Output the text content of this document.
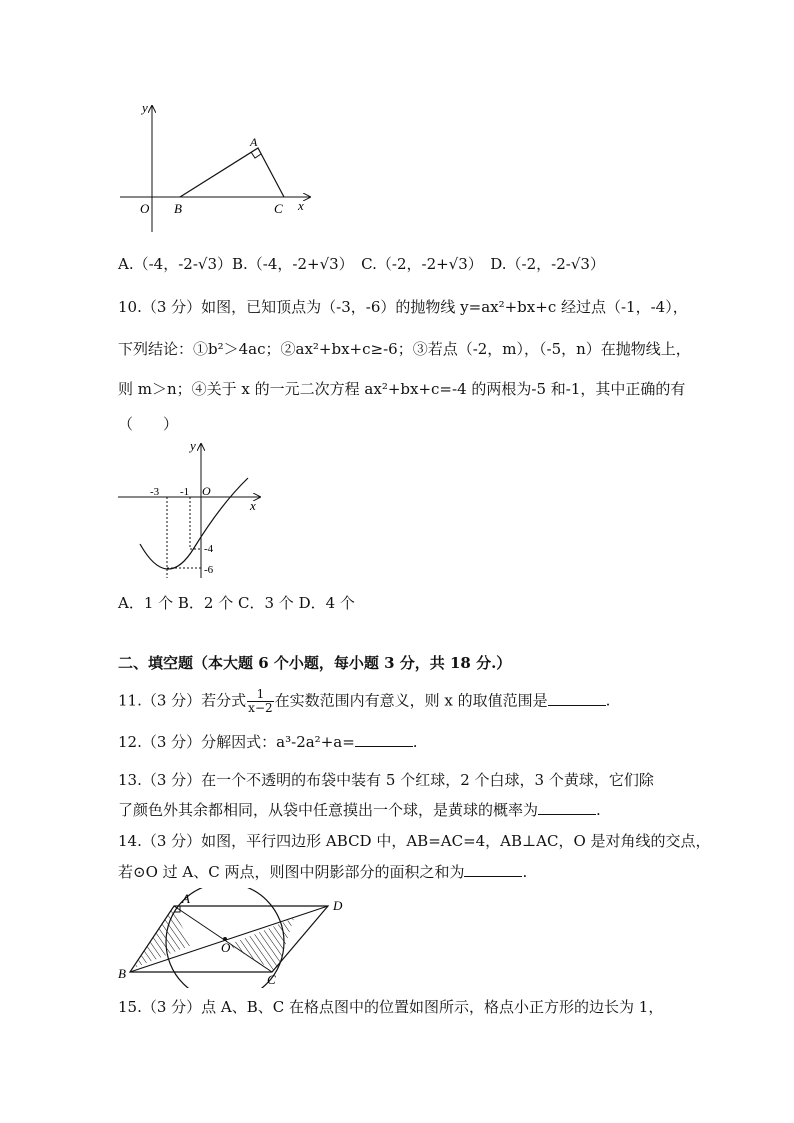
y
A
O B	C x
A.（-4，-2-√3）B.（-4，-2+√3）　C.（-2，-2+√3）　D.（-2，-2-√3）
10.（3 分）如图，已知顶点为（-3，-6）的抛物线 y=ax²+bx+c 经过点（-1，-4），
下列结论：①b²＞4ac；②ax²+bx+c≥-6；③若点（-2，m），（-5，n）在抛物线上，
则 m＞n；④关于 x 的一元二次方程 ax²+bx+c=-4 的两根为-5 和-1，其中正确的有
（　　）
y
x
-3 -1 O
-4
-6
A．1 个 B．2 个 C．3 个 D．4 个
二、填空题（本大题 6 个小题，每小题 3 分，共 18 分.）
11.（3 分）若分式 $\frac{1}{x-2}$ 在实数范围内有意义，则 x 的取值范围是	.
12.（3 分）分解因式：a³-2a²+a=	.
13.（3 分）在一个不透明的布袋中装有 5 个红球，2 个白球，3 个黄球，它们除
了颜色外其余都相同，从袋中任意摸出一个球，是黄球的概率为	.
14.（3 分）如图，平行四边形 ABCD 中，AB=AC=4，AB⊥AC，O 是对角线的交点，
若⊙O 过 A、C 两点，则图中阴影部分的面积之和为	.
A	D
O
B	C
15.（3 分）点 A、B、C 在格点图中的位置如图所示，格点小正方形的边长为 1，
